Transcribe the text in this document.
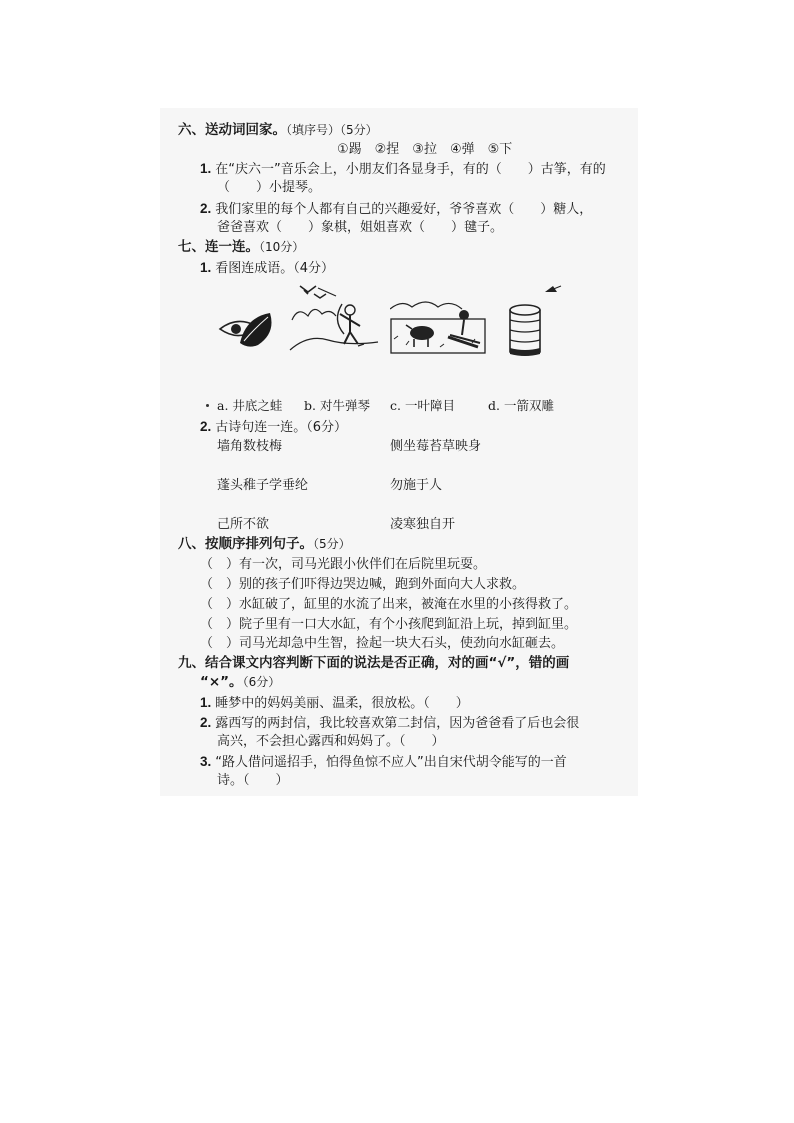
六、送动词回家。（填序号）（5分）
①踢　②捏　③拉　④弹　⑤下
1. 在“庆六一”音乐会上，小朋友们各显身手，有的（　　）古筝，有的
（　　）小提琴。
2. 我们家里的每个人都有自己的兴趣爱好，爷爷喜欢（　　）糖人，
爸爸喜欢（　　）象棋，姐姐喜欢（　　）毽子。
七、连一连。（10分）
1. 看图连成语。（4分）
a. 井底之蛙 b. 对牛弹琴 c. 一叶障目	d. 一箭双雕
2. 古诗句连一连。（6分）
墙角数枝梅	侧坐莓苔草映身
蓬头稚子学垂纶	勿施于人
己所不欲	凌寒独自开
八、按顺序排列句子。（5分）
（　）有一次，司马光跟小伙伴们在后院里玩耍。
（　）别的孩子们吓得边哭边喊，跑到外面向大人求救。
（　）水缸破了，缸里的水流了出来，被淹在水里的小孩得救了。
（　）院子里有一口大水缸，有个小孩爬到缸沿上玩，掉到缸里。
（　）司马光却急中生智，捡起一块大石头，使劲向水缸砸去。
九、结合课文内容判断下面的说法是否正确，对的画“√”，错的画
“×”。（6分）
1. 睡梦中的妈妈美丽、温柔，很放松。（　　）
2. 露西写的两封信，我比较喜欢第二封信，因为爸爸看了后也会很
高兴，不会担心露西和妈妈了。（　　）
3. “路人借问遥招手，怕得鱼惊不应人”出自宋代胡令能写的一首
诗。（　　）
